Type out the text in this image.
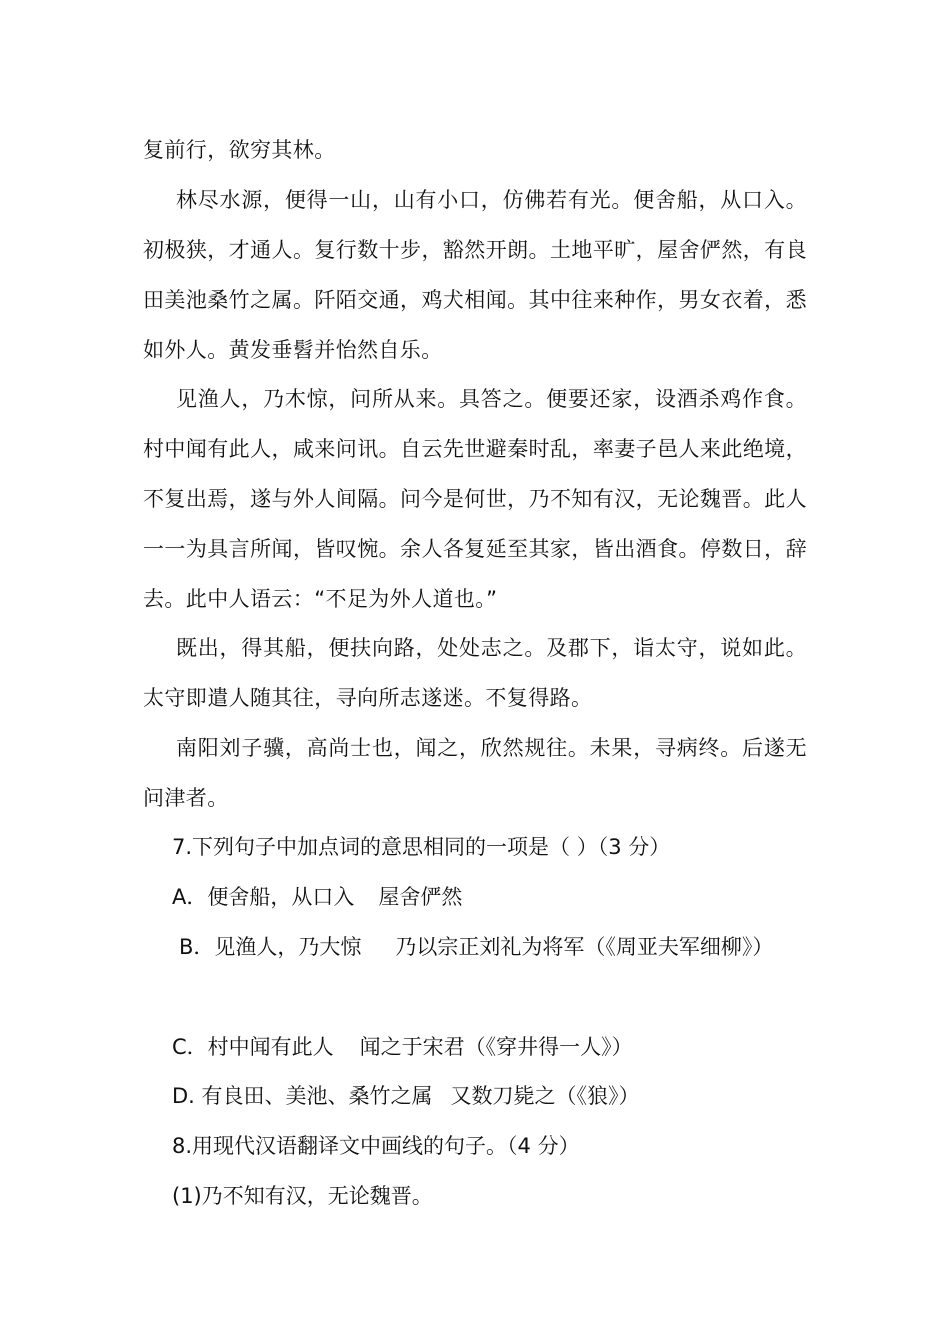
复前行，欲穷其林。

林尽水源，便得一山，山有小口，仿佛若有光。便舍船，从口入。初极狭，才通人。复行数十步，豁然开朗。土地平旷，屋舍俨然，有良田美池桑竹之属。阡陌交通，鸡犬相闻。其中往来种作，男女衣着，悉如外人。黄发垂髫并怡然自乐。

见渔人，乃木惊，问所从来。具答之。便要还家，设酒杀鸡作食。村中闻有此人，咸来问讯。自云先世避秦时乱，率妻子邑人来此绝境，不复出焉，遂与外人间隔。问今是何世，乃不知有汉，无论魏晋。此人一一为具言所闻，皆叹惋。余人各复延至其家，皆出酒食。停数日，辞去。此中人语云：“不足为外人道也。”

既出，得其船，便扶向路，处处志之。及郡下，诣太守，说如此。太守即遣人随其往，寻向所志遂迷。不复得路。

南阳刘子骥，高尚士也，闻之，欣然规往。未果，寻病终。后遂无问津者。

7.下列句子中加点词的意思相同的一项是（ ）（3 分）

A．便舍船，从口入 屋舍俨然

B．见渔人，乃大惊 乃以宗正刘礼为将军（《周亚夫军细柳》）

C．村中闻有此人 闻之于宋君（《穿井得一人》）

D. 有良田、美池、桑竹之属 又数刀毙之（《狼》）

8.用现代汉语翻译文中画线的句子。（4 分）

(1)乃不知有汉，无论魏晋。
